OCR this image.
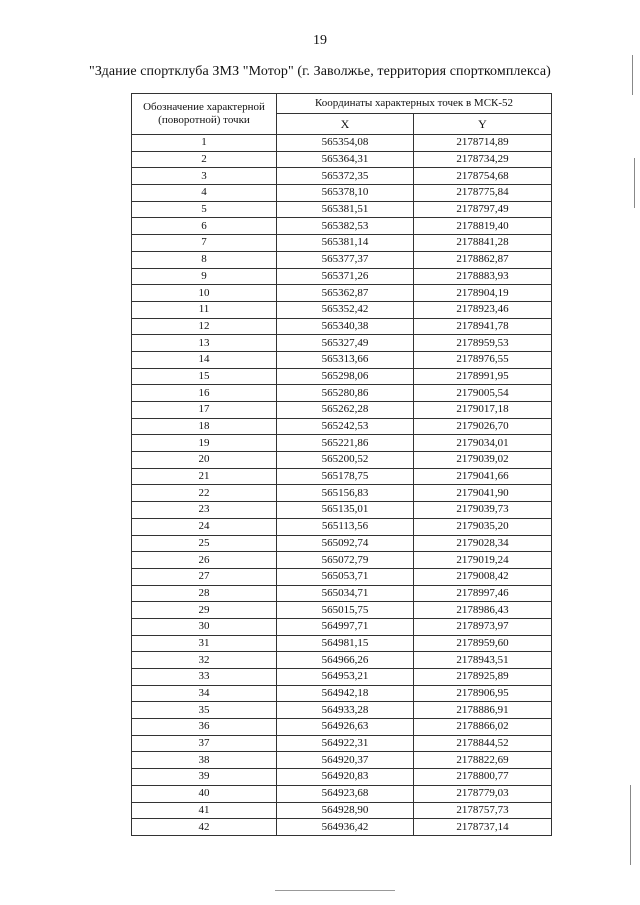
19
"Здание спортклуба ЗМЗ "Мотор" (г. Заволжье, территория спорткомплекса)
Обозначение характерной (поворотной) точки	Координаты характерных точек в МСК-52	
	X	Y
1	565354,08	2178714,89
2	565364,31	2178734,29
3	565372,35	2178754,68
4	565378,10	2178775,84
5	565381,51	2178797,49
6	565382,53	2178819,40
7	565381,14	2178841,28
8	565377,37	2178862,87
9	565371,26	2178883,93
10	565362,87	2178904,19
11	565352,42	2178923,46
12	565340,38	2178941,78
13	565327,49	2178959,53
14	565313,66	2178976,55
15	565298,06	2178991,95
16	565280,86	2179005,54
17	565262,28	2179017,18
18	565242,53	2179026,70
19	565221,86	2179034,01
20	565200,52	2179039,02
21	565178,75	2179041,66
22	565156,83	2179041,90
23	565135,01	2179039,73
24	565113,56	2179035,20
25	565092,74	2179028,34
26	565072,79	2179019,24
27	565053,71	2179008,42
28	565034,71	2178997,46
29	565015,75	2178986,43
30	564997,71	2178973,97
31	564981,15	2178959,60
32	564966,26	2178943,51
33	564953,21	2178925,89
34	564942,18	2178906,95
35	564933,28	2178886,91
36	564926,63	2178866,02
37	564922,31	2178844,52
38	564920,37	2178822,69
39	564920,83	2178800,77
40	564923,68	2178779,03
41	564928,90	2178757,73
42	564936,42	2178737,14
